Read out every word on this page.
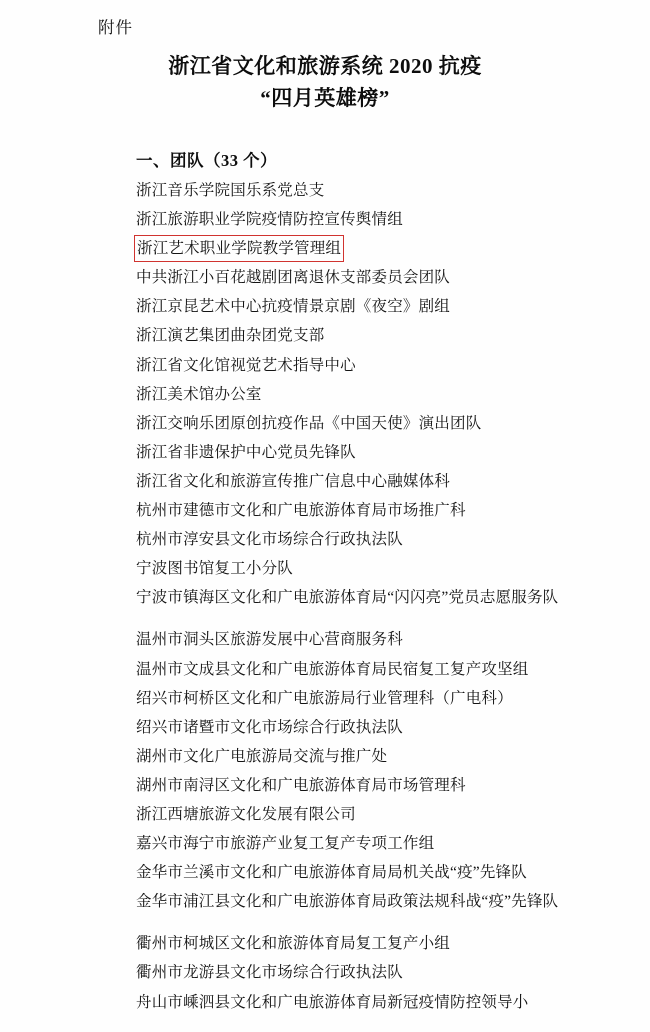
附件
浙江省文化和旅游系统 2020 抗疫
“四月英雄榜”
一、团队（33 个）
浙江音乐学院国乐系党总支
浙江旅游职业学院疫情防控宣传舆情组
浙江艺术职业学院教学管理组
中共浙江小百花越剧团离退休支部委员会团队
浙江京昆艺术中心抗疫情景京剧《夜空》剧组
浙江演艺集团曲杂团党支部
浙江省文化馆视觉艺术指导中心
浙江美术馆办公室
浙江交响乐团原创抗疫作品《中国天使》演出团队
浙江省非遗保护中心党员先锋队
浙江省文化和旅游宣传推广信息中心融媒体科
杭州市建德市文化和广电旅游体育局市场推广科
杭州市淳安县文化市场综合行政执法队
宁波图书馆复工小分队
宁波市镇海区文化和广电旅游体育局“闪闪亮”党员志愿服务队
温州市洞头区旅游发展中心营商服务科
温州市文成县文化和广电旅游体育局民宿复工复产攻坚组
绍兴市柯桥区文化和广电旅游局行业管理科（广电科）
绍兴市诸暨市文化市场综合行政执法队
湖州市文化广电旅游局交流与推广处
湖州市南浔区文化和广电旅游体育局市场管理科
浙江西塘旅游文化发展有限公司
嘉兴市海宁市旅游产业复工复产专项工作组
金华市兰溪市文化和广电旅游体育局局机关战“疫”先锋队
金华市浦江县文化和广电旅游体育局政策法规科战“疫”先锋队
衢州市柯城区文化和旅游体育局复工复产小组
衢州市龙游县文化市场综合行政执法队
舟山市嵊泗县文化和广电旅游体育局新冠疫情防控领导小
